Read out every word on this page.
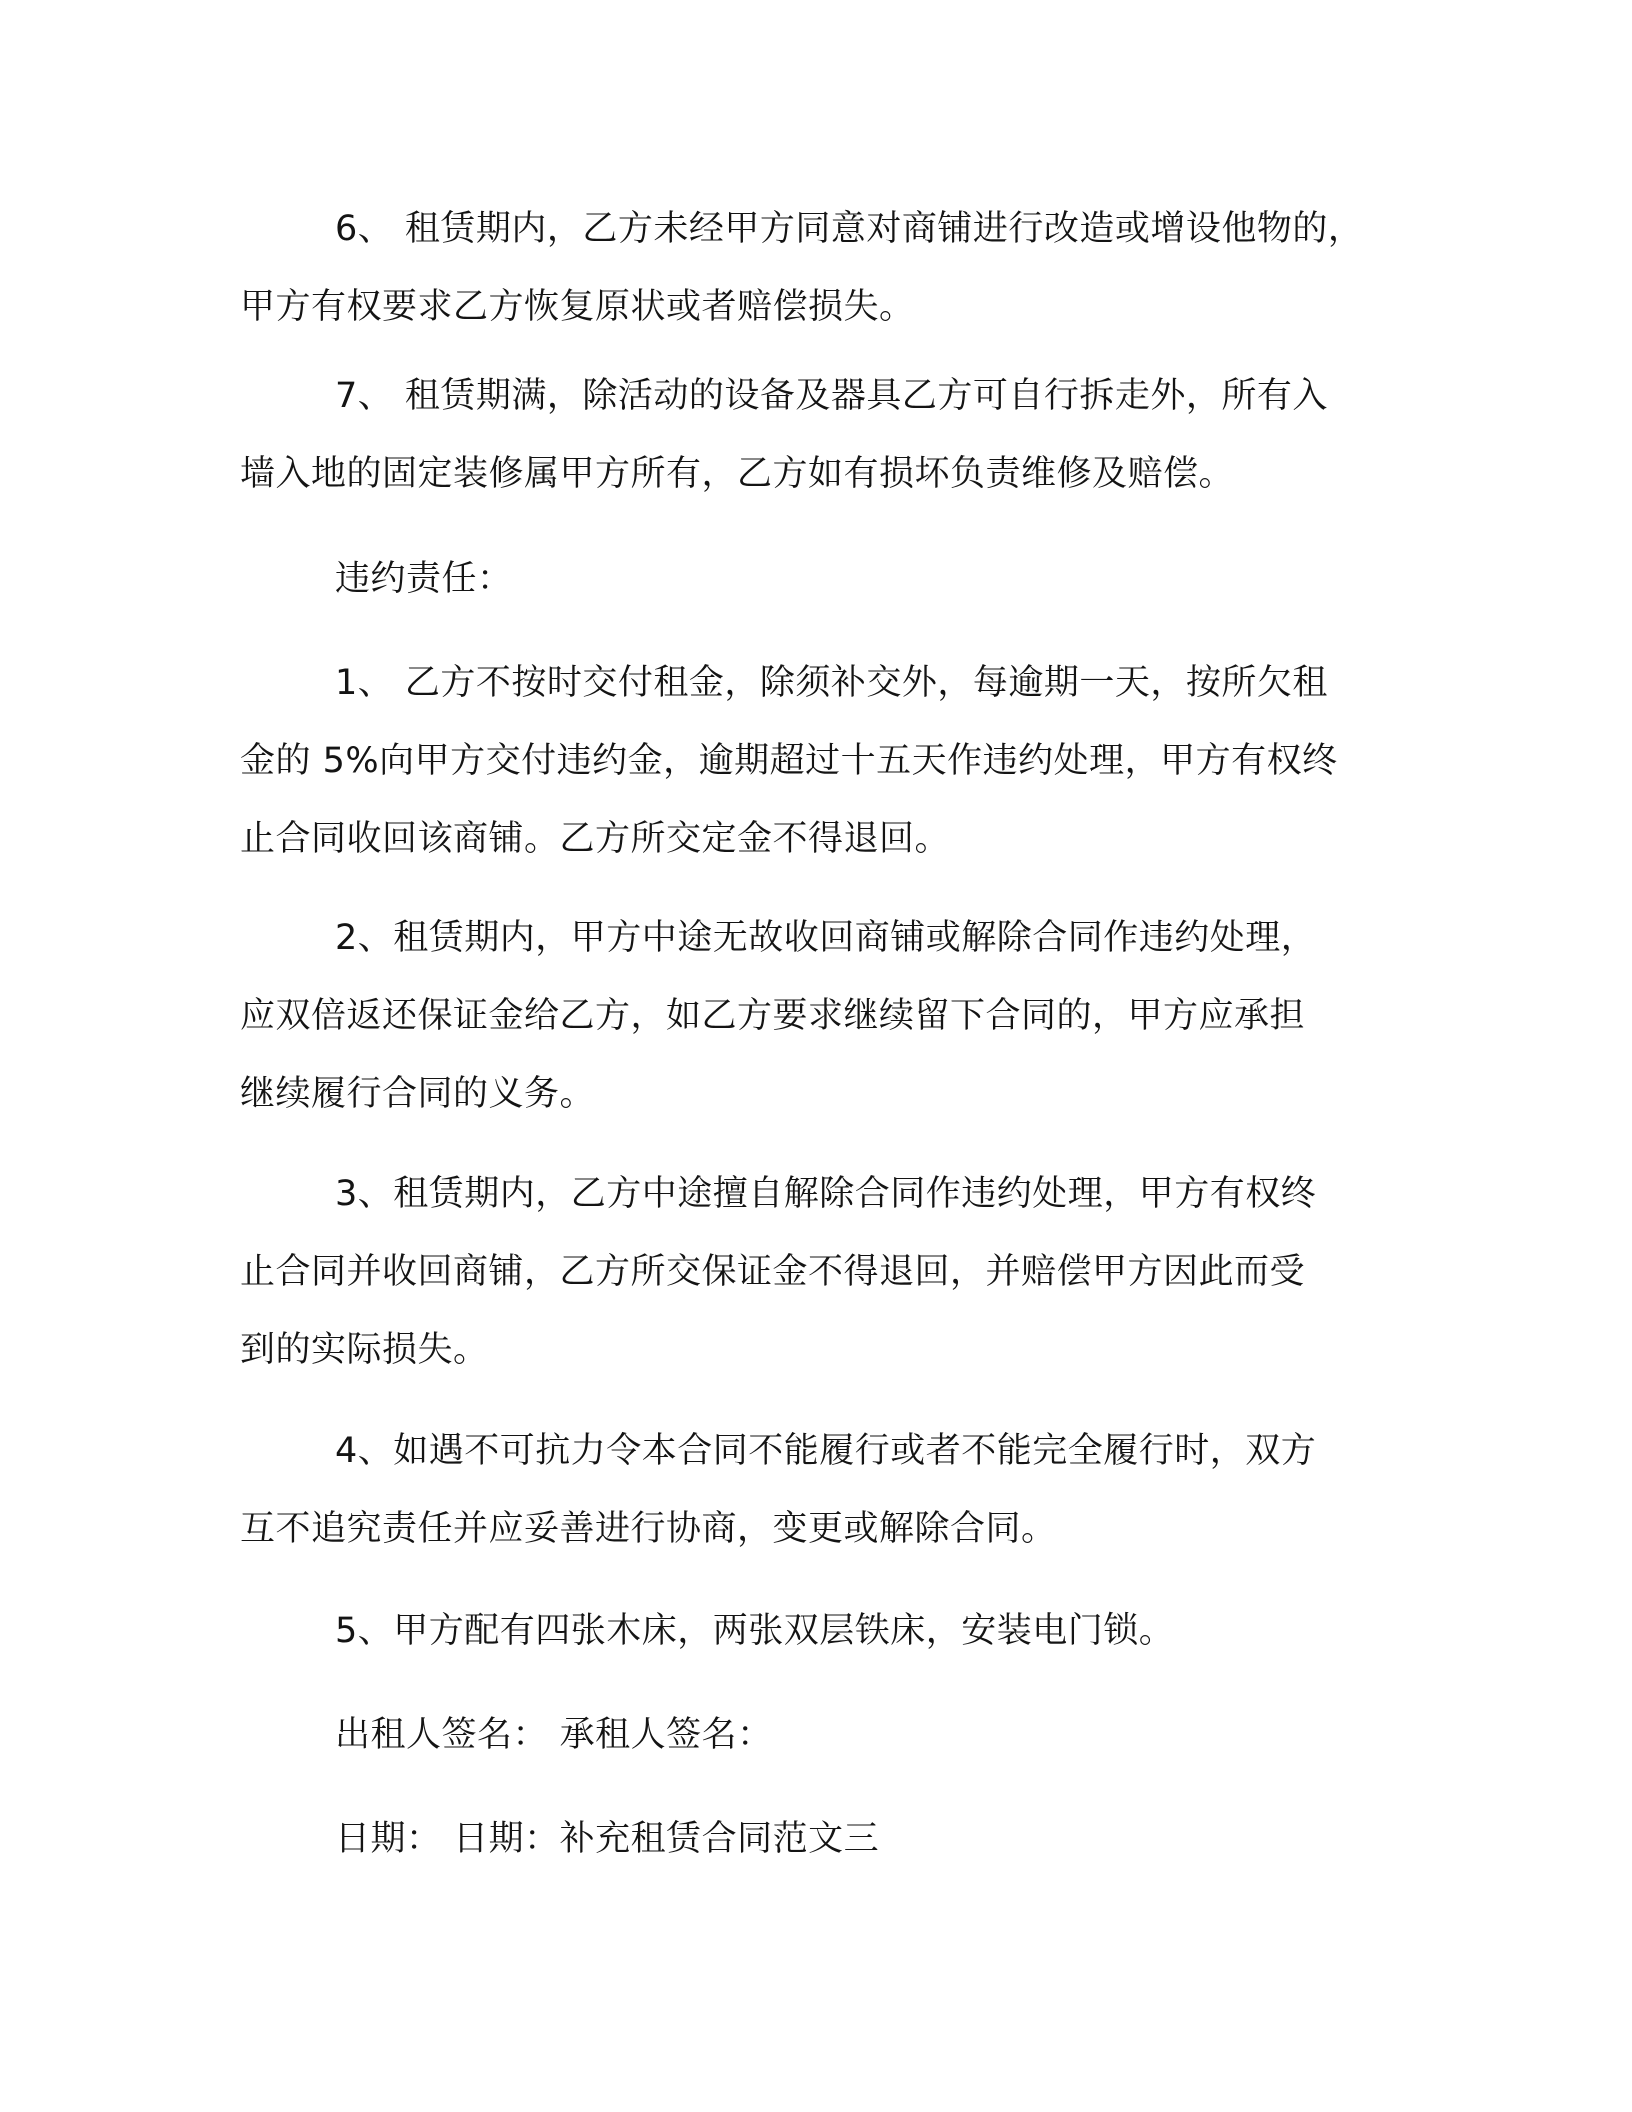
6、 租赁期内，乙方未经甲方同意对商铺进行改造或增设他物的，
甲方有权要求乙方恢复原状或者赔偿损失。

7、 租赁期满，除活动的设备及器具乙方可自行拆走外，所有入
墙入地的固定装修属甲方所有，乙方如有损坏负责维修及赔偿。

违约责任：

1、 乙方不按时交付租金，除须补交外，每逾期一天，按所欠租
金的 5%向甲方交付违约金，逾期超过十五天作违约处理，甲方有权终
止合同收回该商铺。乙方所交定金不得退回。

2、租赁期内，甲方中途无故收回商铺或解除合同作违约处理，
应双倍返还保证金给乙方，如乙方要求继续留下合同的，甲方应承担
继续履行合同的义务。

3、租赁期内，乙方中途擅自解除合同作违约处理，甲方有权终
止合同并收回商铺，乙方所交保证金不得退回，并赔偿甲方因此而受
到的实际损失。

4、如遇不可抗力令本合同不能履行或者不能完全履行时，双方
互不追究责任并应妥善进行协商，变更或解除合同。

5、甲方配有四张木床，两张双层铁床，安装电门锁。

出租人签名： 承租人签名：

日期： 日期：补充租赁合同范文三
